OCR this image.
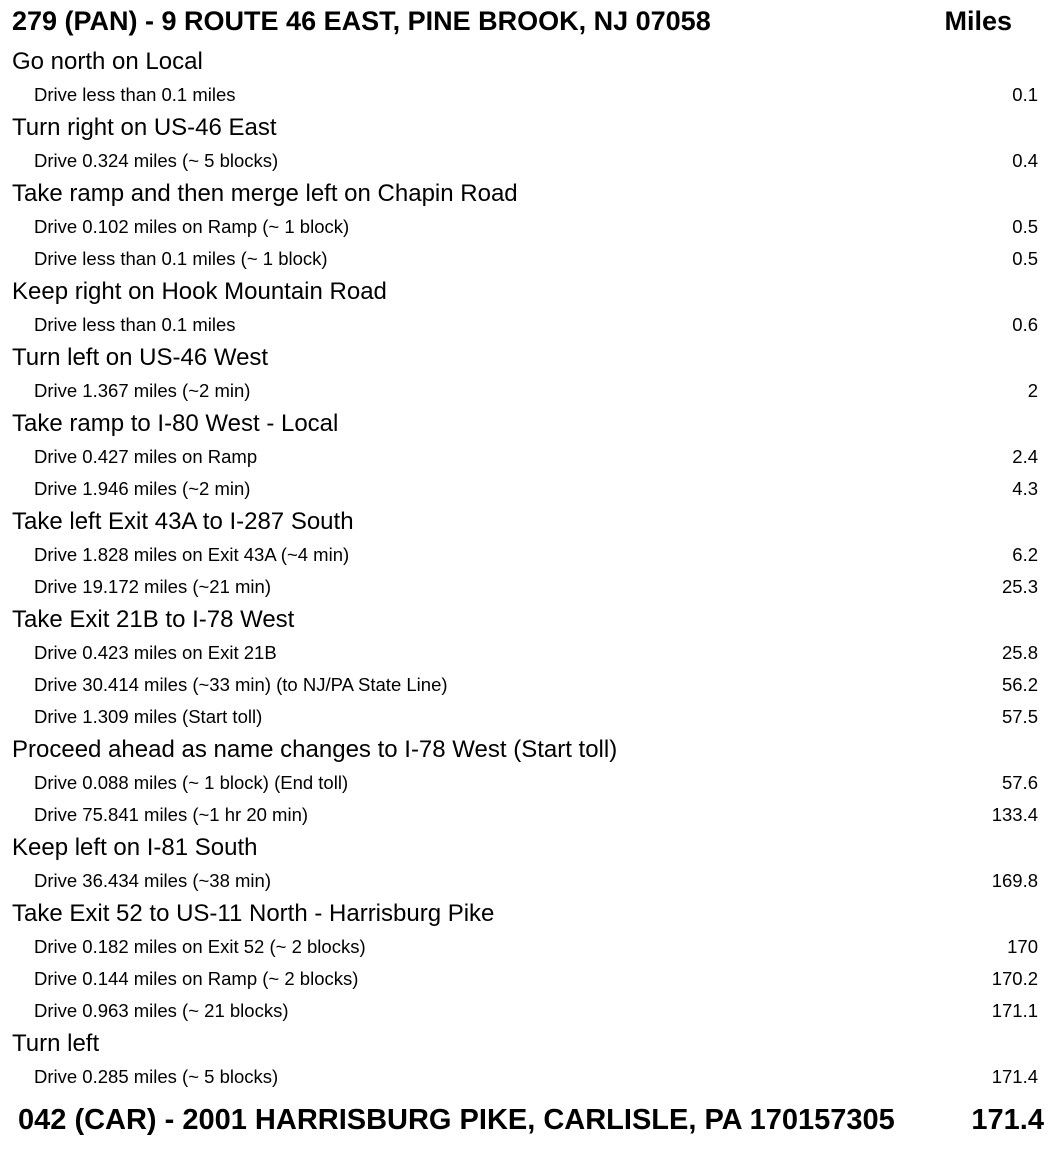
279 (PAN) - 9 ROUTE 46 EAST, PINE BROOK, NJ 07058	Miles
Go north on Local
Drive less than 0.1 miles	0.1
Turn right on US-46 East
Drive 0.324 miles (~ 5 blocks)	0.4
Take ramp and then merge left on Chapin Road
Drive 0.102 miles on Ramp (~ 1 block)	0.5
Drive less than 0.1 miles (~ 1 block)	0.5
Keep right on Hook Mountain Road
Drive less than 0.1 miles	0.6
Turn left on US-46 West
Drive 1.367 miles (~2 min)	2
Take ramp to I-80 West - Local
Drive 0.427 miles on Ramp	2.4
Drive 1.946 miles (~2 min)	4.3
Take left Exit 43A to I-287 South
Drive 1.828 miles on Exit 43A (~4 min)	6.2
Drive 19.172 miles (~21 min)	25.3
Take Exit 21B to I-78 West
Drive 0.423 miles on Exit 21B	25.8
Drive 30.414 miles (~33 min) (to NJ/PA State Line)	56.2
Drive 1.309 miles (Start toll)	57.5
Proceed ahead as name changes to I-78 West (Start toll)
Drive 0.088 miles (~ 1 block) (End toll)	57.6
Drive 75.841 miles (~1 hr 20 min)	133.4
Keep left on I-81 South
Drive 36.434 miles (~38 min)	169.8
Take Exit 52 to US-11 North - Harrisburg Pike
Drive 0.182 miles on Exit 52 (~ 2 blocks)	170
Drive 0.144 miles on Ramp (~ 2 blocks)	170.2
Drive 0.963 miles (~ 21 blocks)	171.1
Turn left
Drive 0.285 miles (~ 5 blocks)	171.4
042 (CAR) - 2001 HARRISBURG PIKE, CARLISLE, PA 170157305	171.4
